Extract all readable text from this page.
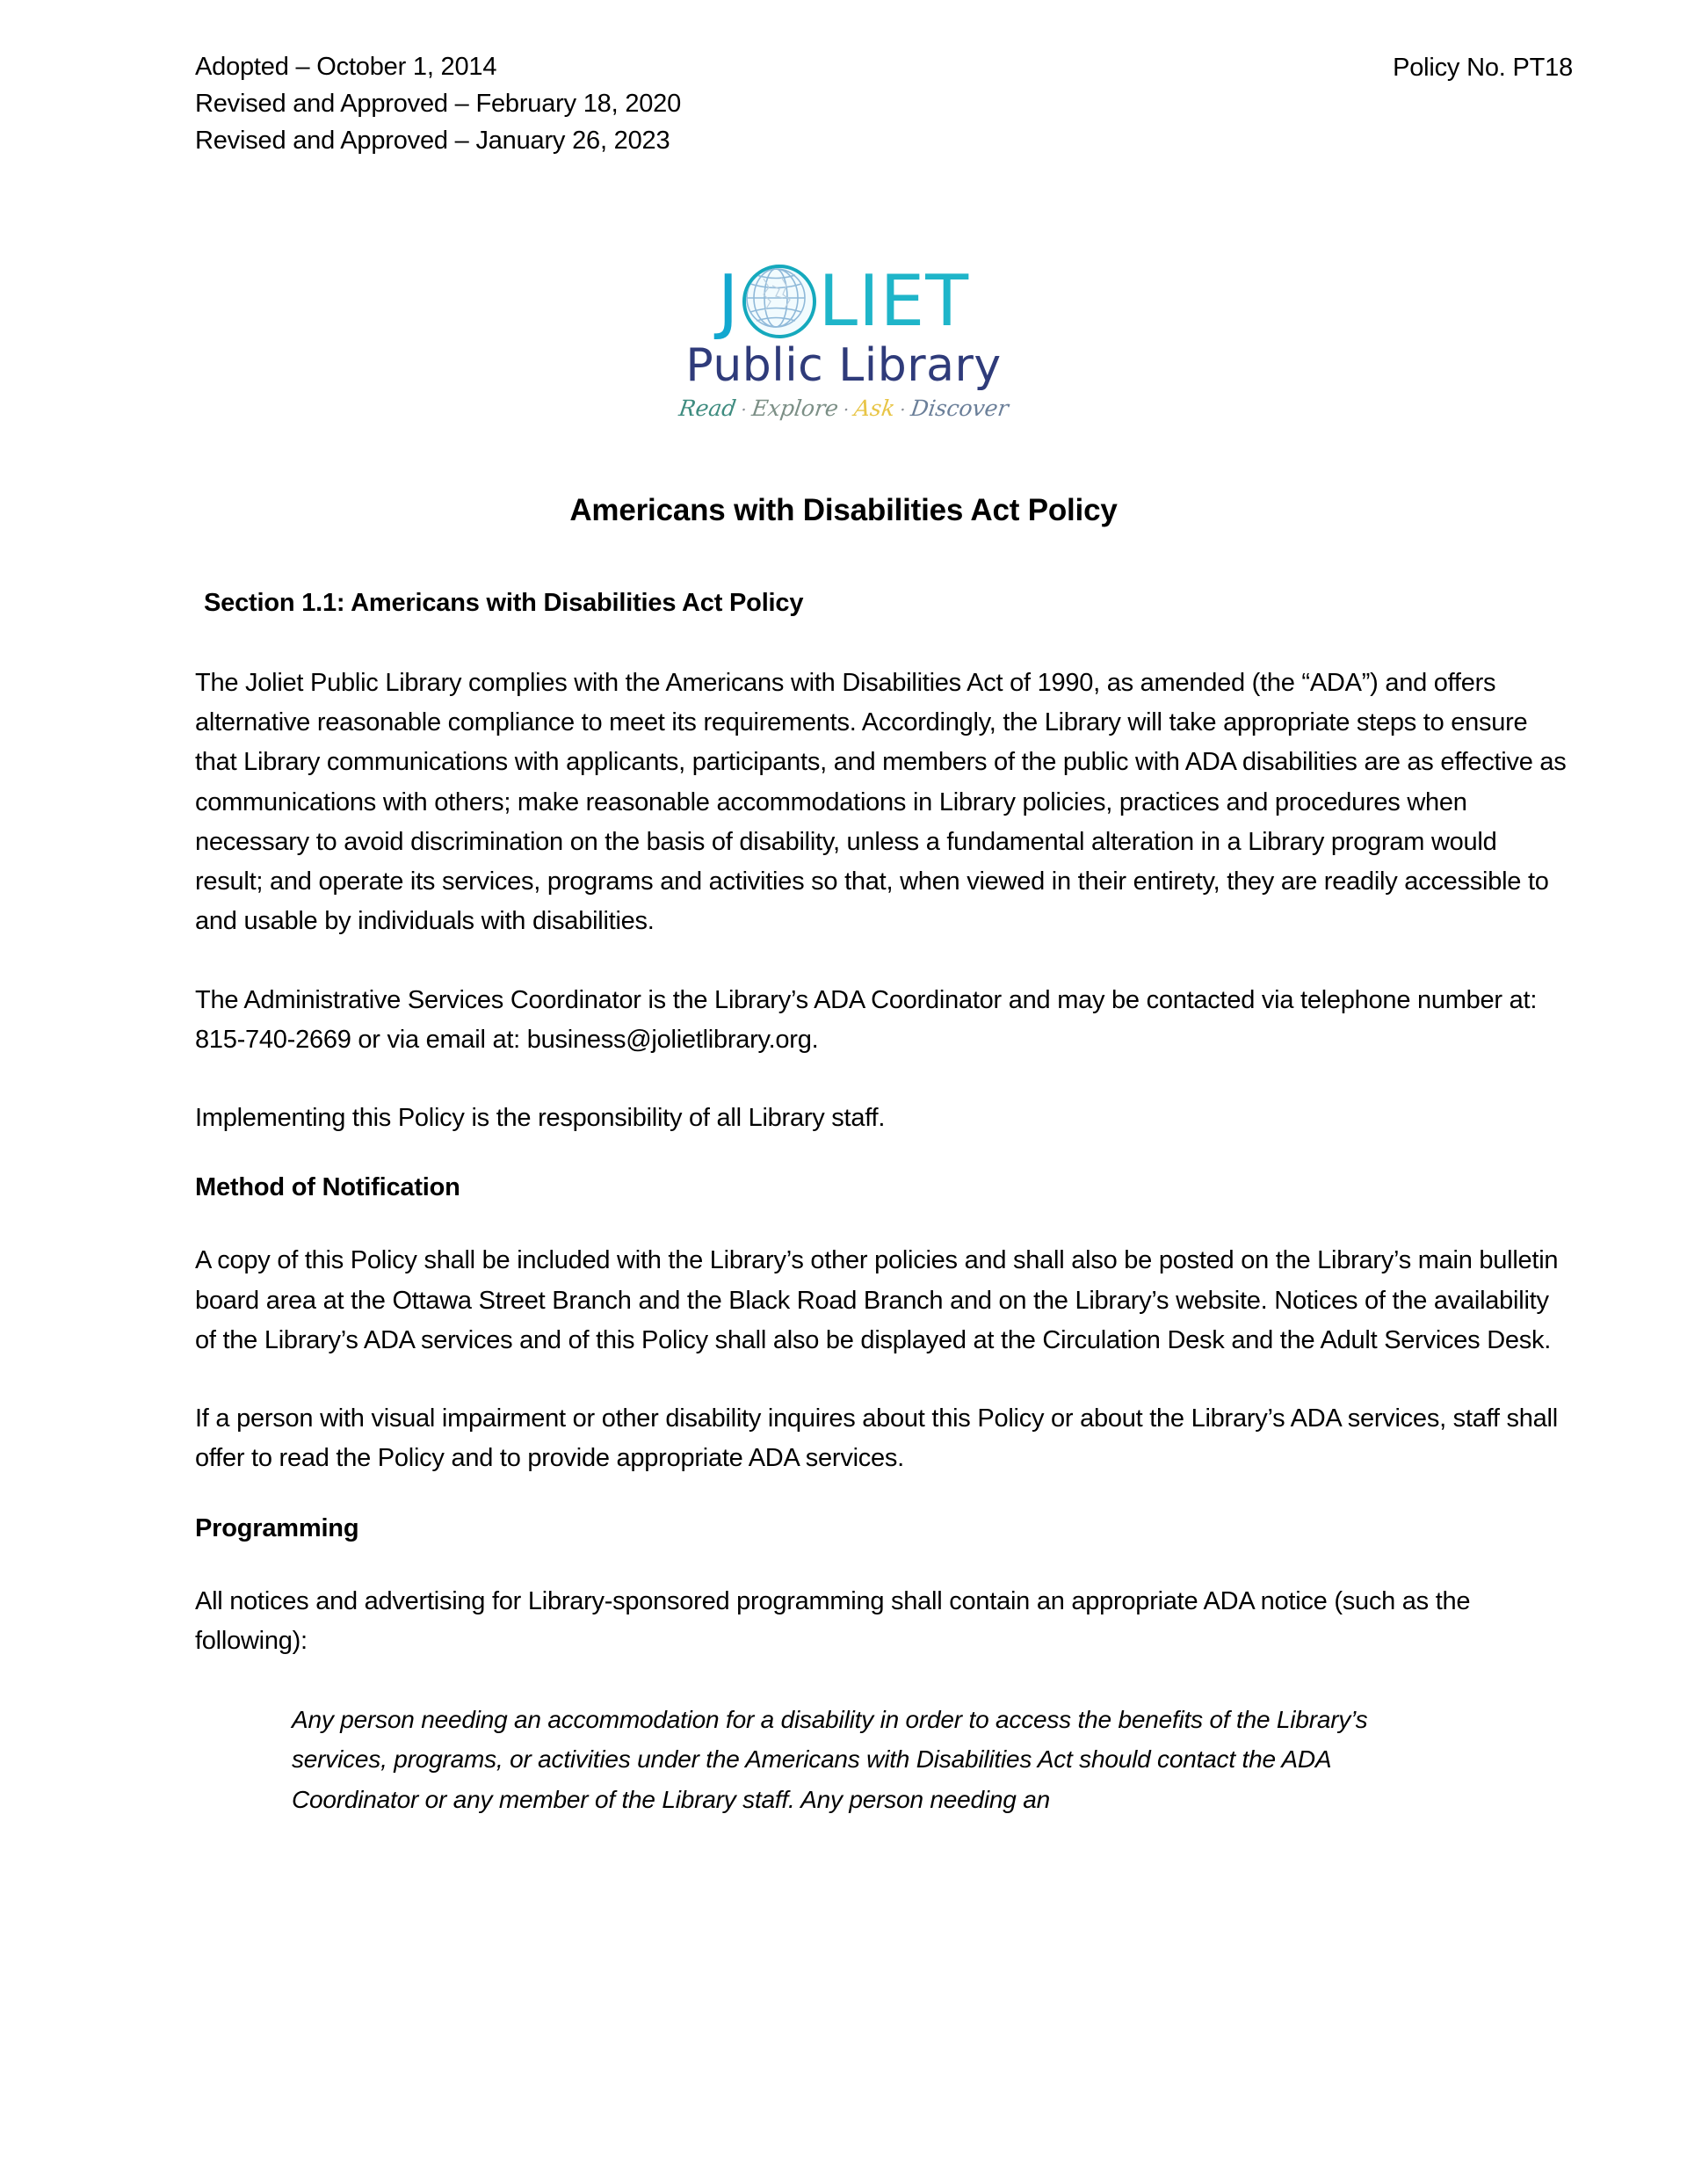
Adopted – October 1, 2014
Revised and Approved – February 18, 2020
Revised and Approved – January 26, 2023
Policy No. PT18
J LIET
Public Library
Read · Explore · Ask · Discover
Americans with Disabilities Act Policy
Section 1.1: Americans with Disabilities Act Policy

The Joliet Public Library complies with the Americans with Disabilities Act of 1990, as amended (the “ADA”) and offers alternative reasonable compliance to meet its requirements. Accordingly, the Library will take appropriate steps to ensure that Library communications with applicants, participants, and members of the public with ADA disabilities are as effective as communications with others; make reasonable accommodations in Library policies, practices and procedures when necessary to avoid discrimination on the basis of disability, unless a fundamental alteration in a Library program would result; and operate its services, programs and activities so that, when viewed in their entirety, they are readily accessible to and usable by individuals with disabilities.

The Administrative Services Coordinator is the Library’s ADA Coordinator and may be contacted via telephone number at: 815-740-2669 or via email at: business@jolietlibrary.org.

Implementing this Policy is the responsibility of all Library staff.

Method of Notification

A copy of this Policy shall be included with the Library’s other policies and shall also be posted on the Library’s main bulletin board area at the Ottawa Street Branch and the Black Road Branch and on the Library’s website. Notices of the availability of the Library’s ADA services and of this Policy shall also be displayed at the Circulation Desk and the Adult Services Desk.

If a person with visual impairment or other disability inquires about this Policy or about the Library’s ADA services, staff shall offer to read the Policy and to provide appropriate ADA services.

Programming

All notices and advertising for Library-sponsored programming shall contain an appropriate ADA notice (such as the following):

Any person needing an accommodation for a disability in order to access the benefits of the Library’s services, programs, or activities under the Americans with Disabilities Act should contact the ADA Coordinator or any member of the Library staff. Any person needing an
